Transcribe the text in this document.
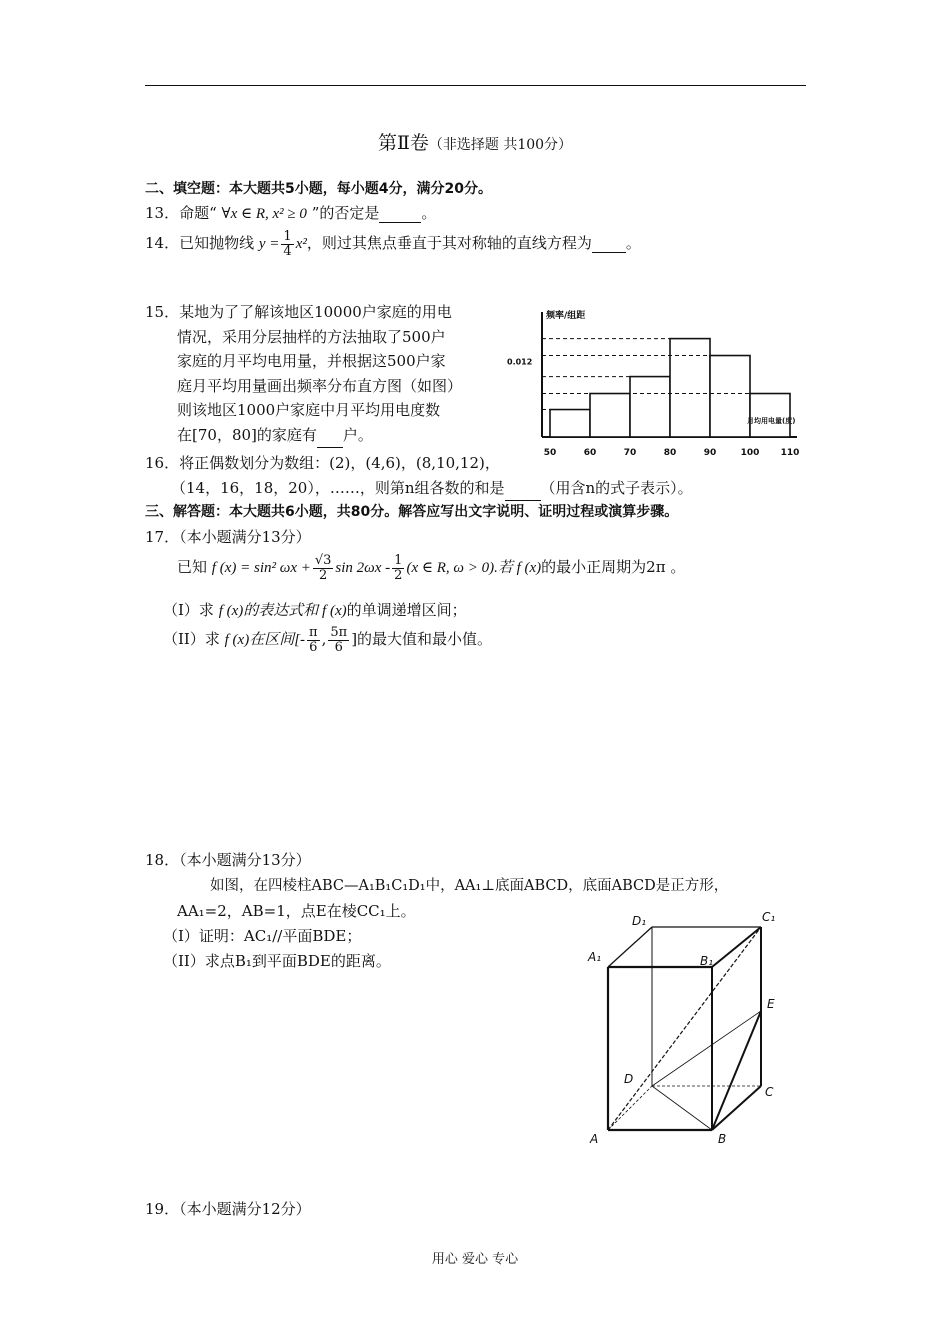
第Ⅱ卷（非选择题 共100分）
二、填空题：本大题共5小题，每小题4分，满分20分。
13．命题“ ∀x ∈ R, x² ≥ 0 ”的否定是	。
14．已知抛物线 $y = \frac{1}{4} x^2$，则过其焦点垂直于其对称轴的直线方程为 。
15．某地为了了解该地区10000户家庭的用电
情况，采用分层抽样的方法抽取了500户
家庭的月平均电用量，并根据这500户家
庭月平均用量画出频率分布直方图（如图）
则该地区1000户家庭中月平均用电度数
在[70，80]的家庭有 户。
50	60	70	80	90	100 110
频率/组距
0.012
月均用电量(度)
16．将正偶数划分为数组：(2)，(4,6)，(8,10,12)，
（14，16，18，20），……，则第n组各数的和是 （用含n的式子表示）。
三、解答题：本大题共6小题，共80分。解答应写出文字说明、证明过程或演算步骤。
17．（本小题满分13分）
已知 f (x) = sin² $\omega x + \frac{√3}{2}$ $\sin 2\omega x - \frac{1}{2} (x$ ∈ R, ω > 0).若 f (x)的最小正周期为2π 。
（I）求 f (x)的表达式和 f (x)的单调递增区间；
（II）求 f (x)在区间[- $\frac{\pi}{6}$ , $\frac{5\pi}{6}$ ]的最大值和最小值。
18．（本小题满分13分）
如图，在四棱柱ABC—A₁B₁C₁D₁中，AA₁⊥底面ABCD，底面ABCD是正方形，
AA₁=2，AB=1，点E在棱CC₁上。
（I）证明：AC₁//平面BDE；
（II）求点B₁到平面BDE的距离。
A	B
C
D
A₁	B₁
C₁
D₁
E
19．（本小题满分12分）
用心 爱心 专心
